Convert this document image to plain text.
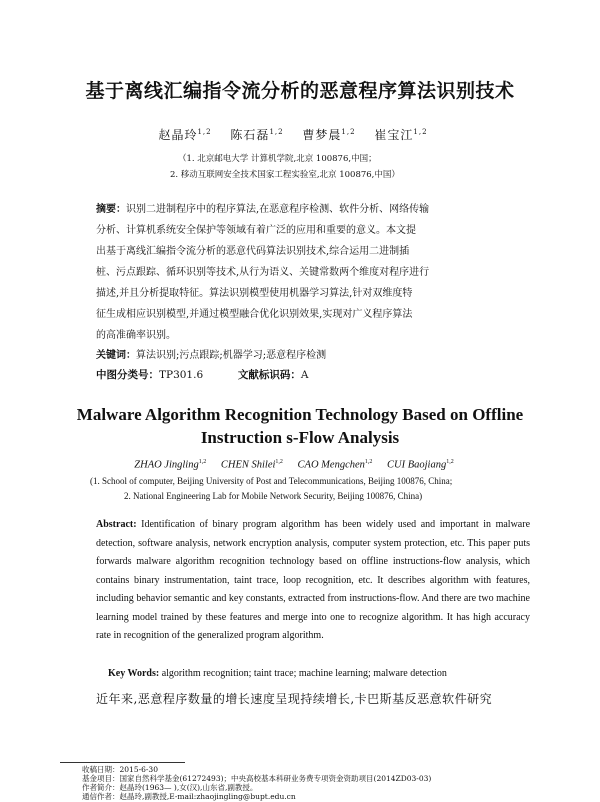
基于离线汇编指令流分析的恶意程序算法识别技术
赵晶玲$^{1,2}$ 陈石磊$^{1,2}$ 曹梦晨$^{1,2}$ 崔宝江$^{1,2}$
（1. 北京邮电大学 计算机学院,北京 100876,中国；
2. 移动互联网安全技术国家工程实验室,北京 100876,中国）
摘要：识别二进制程序中的程序算法,在恶意程序检测、软件分析、网络传输
分析、计算机系统安全保护等领域有着广泛的应用和重要的意义。本文提
出基于离线汇编指令流分析的恶意代码算法识别技术,综合运用二进制插
桩、污点跟踪、循环识别等技术,从行为语义、关键常数两个维度对程序进行
描述,并且分析提取特征。算法识别模型使用机器学习算法,针对双维度特
征生成相应识别模型,并通过模型融合优化识别效果,实现对广义程序算法
的高准确率识别。
关键词：算法识别;污点跟踪;机器学习;恶意程序检测
中图分类号：TP301.6	文献标识码：A
Malware Algorithm Recognition Technology Based on Offline
Instruction s-Flow Analysis
ZHAO Jingling$^{1,2}$ CHEN Shilei$^{1,2}$ CAO Mengchen$^{1,2}$ CUI Baojiang$^{1,2}$
(1. School of computer, Beijing University of Post and Telecommunications, Beijing 100876, China;
2. National Engineering Lab for Mobile Network Security, Beijing 100876, China)
Abstract: Identification of binary program algorithm has been widely used and important in malware detection, software analysis, network encryption analysis, computer system protection, etc. This paper puts forwards malware algorithm recognition technology based on offline instructions-flow analysis, which contains binary instrumentation, taint trace, loop recognition, etc. It describes algorithm with features, including behavior semantic and key constants, extracted from instructions-flow. And there are two machine learning model trained by these features and merge into one to recognize algorithm. It has high accuracy rate in recognition of the generalized program algorithm.
Key Words: algorithm recognition; taint trace; machine learning; malware detection
近年来,恶意程序数量的增长速度呈现持续增长,卡巴斯基反恶意软件研究
收稿日期：2015-6-30
基金项目：国家自然科学基金(61272493)；中央高校基本科研业务费专项资金资助项目(2014ZD03-03)
作者简介：赵晶玲(1963— ),女(汉),山东省,副教授。
通信作者：赵晶玲,副教授,E-mail:zhaojingling@bupt.edu.cn
